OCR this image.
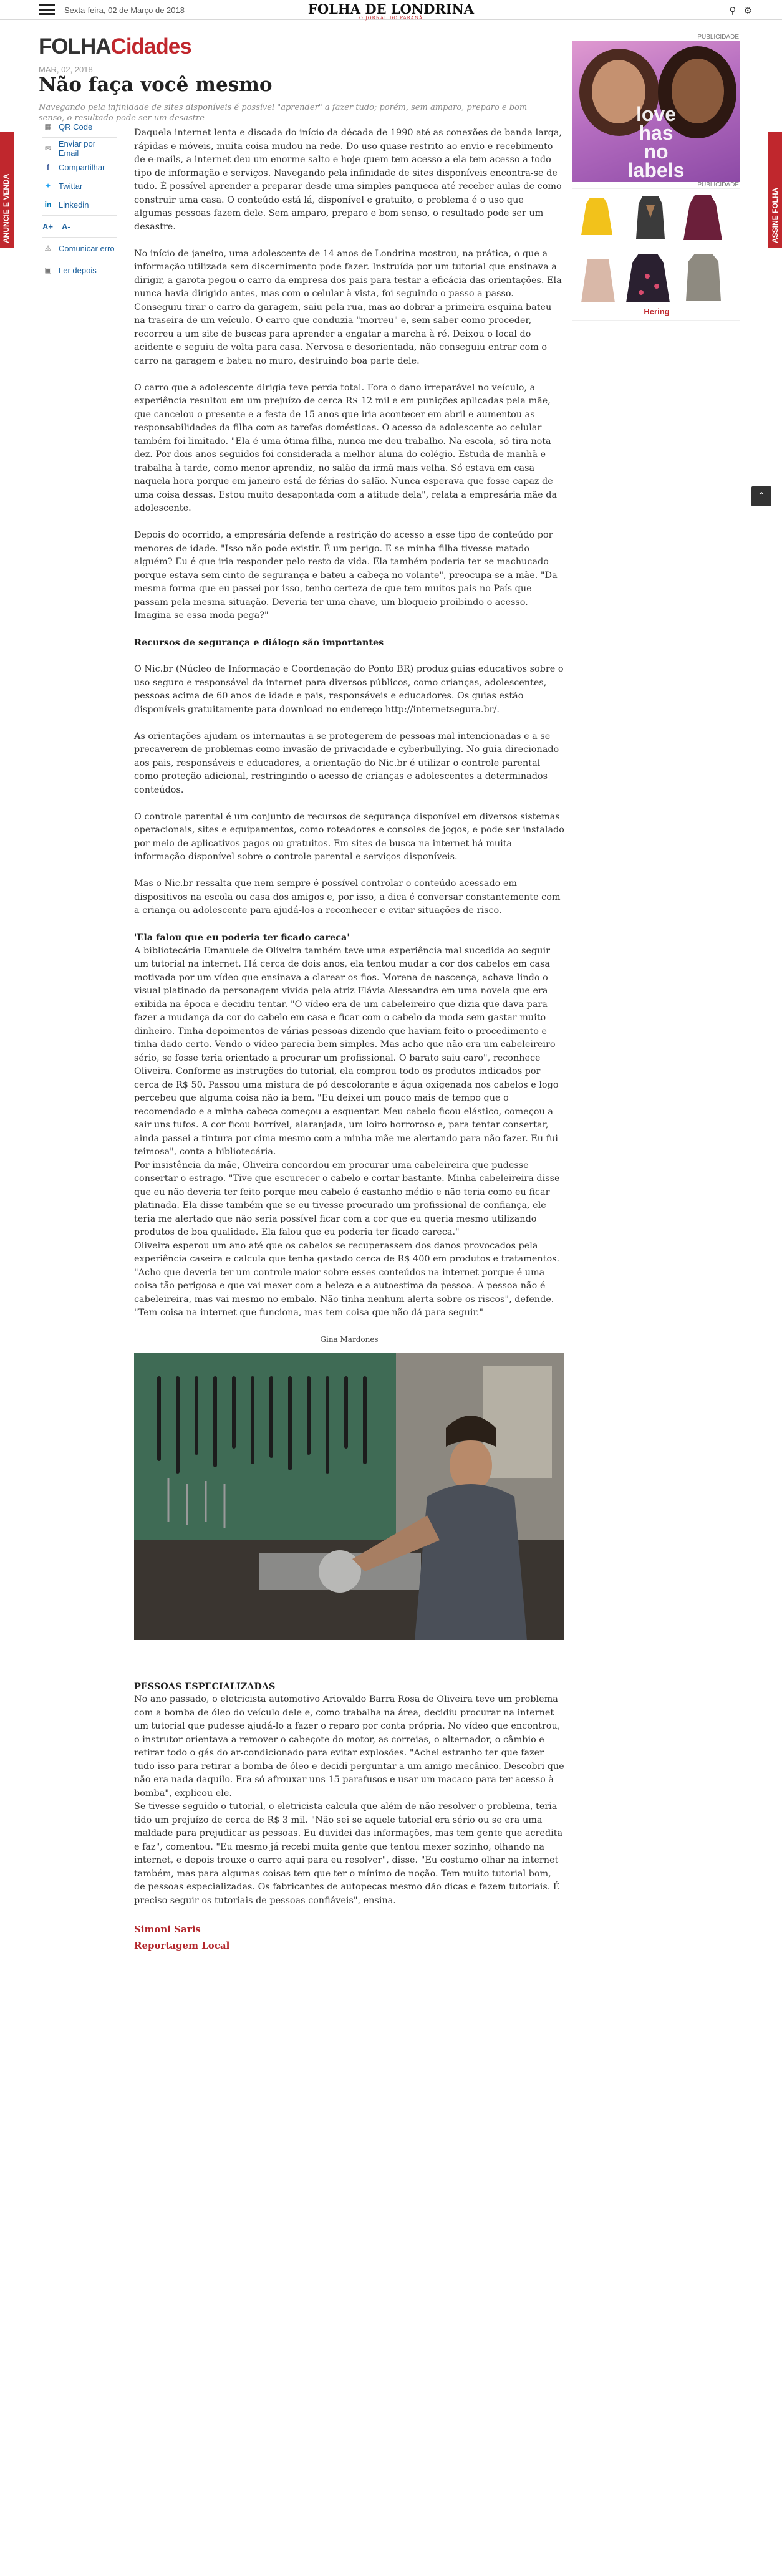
Sexta-feira, 02 de Março de 2018	FOLHA DE LONDRINA
O JORNAL DO PARANÁ
⚲ ⚙
ANUNCIE E VENDA	ASSINE FOLHA
FOLHACidades
MAR, 02, 2018
Não faça você mesmo
Navegando pela infinidade de sites disponíveis é possível "aprender" a fazer tudo; porém, sem amparo, preparo e bom senso, o resultado pode ser um desastre
▦ QR Code
✉ Enviar por Email
f	Compartilhar
✦ Twittar
in Linkedin
A+ A-
⚠ Comunicar erro
▣ Ler depois
PUBLICIDADE
love
has
no
labels
PUBLICIDADE
Hering
⌃

Daquela internet lenta e discada do início da década de 1990 até as conexões de banda larga, rápidas e móveis, muita coisa mudou na rede. Do uso quase restrito ao envio e recebimento de e-mails, a internet deu um enorme salto e hoje quem tem acesso a ela tem acesso a todo tipo de informação e serviços. Navegando pela infinidade de sites disponíveis encontra-se de tudo. É possível aprender a preparar desde uma simples panqueca até receber aulas de como construir uma casa. O conteúdo está lá, disponível e gratuito, o problema é o uso que algumas pessoas fazem dele. Sem amparo, preparo e bom senso, o resultado pode ser um desastre.

No início de janeiro, uma adolescente de 14 anos de Londrina mostrou, na prática, o que a informação utilizada sem discernimento pode fazer. Instruída por um tutorial que ensinava a dirigir, a garota pegou o carro da empresa dos pais para testar a eficácia das orientações. Ela nunca havia dirigido antes, mas com o celular à vista, foi seguindo o passo a passo. Conseguiu tirar o carro da garagem, saiu pela rua, mas ao dobrar a primeira esquina bateu na traseira de um veículo. O carro que conduzia "morreu" e, sem saber como proceder, recorreu a um site de buscas para aprender a engatar a marcha à ré. Deixou o local do acidente e seguiu de volta para casa. Nervosa e desorientada, não conseguiu entrar com o carro na garagem e bateu no muro, destruindo boa parte dele.

O carro que a adolescente dirigia teve perda total. Fora o dano irreparável no veículo, a experiência resultou em um prejuízo de cerca R$ 12 mil e em punições aplicadas pela mãe, que cancelou o presente e a festa de 15 anos que iria acontecer em abril e aumentou as responsabilidades da filha com as tarefas domésticas. O acesso da adolescente ao celular também foi limitado. "Ela é uma ótima filha, nunca me deu trabalho. Na escola, só tira nota dez. Por dois anos seguidos foi considerada a melhor aluna do colégio. Estuda de manhã e trabalha à tarde, como menor aprendiz, no salão da irmã mais velha. Só estava em casa naquela hora porque em janeiro está de férias do salão. Nunca esperava que fosse capaz de uma coisa dessas. Estou muito desapontada com a atitude dela", relata a empresária mãe da adolescente.

Depois do ocorrido, a empresária defende a restrição do acesso a esse tipo de conteúdo por menores de idade. "Isso não pode existir. É um perigo. E se minha filha tivesse matado alguém? Eu é que iria responder pelo resto da vida. Ela também poderia ter se machucado porque estava sem cinto de segurança e bateu a cabeça no volante", preocupa-se a mãe. "Da mesma forma que eu passei por isso, tenho certeza de que tem muitos pais no País que passam pela mesma situação. Deveria ter uma chave, um bloqueio proibindo o acesso. Imagina se essa moda pega?"

Recursos de segurança e diálogo são importantes

O Nic.br (Núcleo de Informação e Coordenação do Ponto BR) produz guias educativos sobre o uso seguro e responsável da internet para diversos públicos, como crianças, adolescentes, pessoas acima de 60 anos de idade e pais, responsáveis e educadores. Os guias estão disponíveis gratuitamente para download no endereço http://internetsegura.br/.

As orientações ajudam os internautas a se protegerem de pessoas mal intencionadas e a se precaverem de problemas como invasão de privacidade e cyberbullying. No guia direcionado aos pais, responsáveis e educadores, a orientação do Nic.br é utilizar o controle parental como proteção adicional, restringindo o acesso de crianças e adolescentes a determinados conteúdos.

O controle parental é um conjunto de recursos de segurança disponível em diversos sistemas operacionais, sites e equipamentos, como roteadores e consoles de jogos, e pode ser instalado por meio de aplicativos pagos ou gratuitos. Em sites de busca na internet há muita informação disponível sobre o controle parental e serviços disponíveis.

Mas o Nic.br ressalta que nem sempre é possível controlar o conteúdo acessado em dispositivos na escola ou casa dos amigos e, por isso, a dica é conversar constantemente com a criança ou adolescente para ajudá-los a reconhecer e evitar situações de risco.

'Ela falou que eu poderia ter ficado careca'

A bibliotecária Emanuele de Oliveira também teve uma experiência mal sucedida ao seguir um tutorial na internet. Há cerca de dois anos, ela tentou mudar a cor dos cabelos em casa motivada por um vídeo que ensinava a clarear os fios. Morena de nascença, achava lindo o visual platinado da personagem vivida pela atriz Flávia Alessandra em uma novela que era exibida na época e decidiu tentar. "O vídeo era de um cabeleireiro que dizia que dava para fazer a mudança da cor do cabelo em casa e ficar com o cabelo da moda sem gastar muito dinheiro. Tinha depoimentos de várias pessoas dizendo que haviam feito o procedimento e tinha dado certo. Vendo o vídeo parecia bem simples. Mas acho que não era um cabeleireiro sério, se fosse teria orientado a procurar um profissional. O barato saiu caro", reconhece Oliveira. Conforme as instruções do tutorial, ela comprou todo os produtos indicados por cerca de R$ 50. Passou uma mistura de pó descolorante e água oxigenada nos cabelos e logo percebeu que alguma coisa não ia bem. "Eu deixei um pouco mais de tempo que o recomendado e a minha cabeça começou a esquentar. Meu cabelo ficou elástico, começou a sair uns tufos. A cor ficou horrível, alaranjada, um loiro horroroso e, para tentar consertar, ainda passei a tintura por cima mesmo com a minha mãe me alertando para não fazer. Eu fui teimosa", conta a bibliotecária.

Por insistência da mãe, Oliveira concordou em procurar uma cabeleireira que pudesse consertar o estrago. "Tive que escurecer o cabelo e cortar bastante. Minha cabeleireira disse que eu não deveria ter feito porque meu cabelo é castanho médio e não teria como eu ficar platinada. Ela disse também que se eu tivesse procurado um profissional de confiança, ele teria me alertado que não seria possível ficar com a cor que eu queria mesmo utilizando produtos de boa qualidade. Ela falou que eu poderia ter ficado careca."

Oliveira esperou um ano até que os cabelos se recuperassem dos danos provocados pela experiência caseira e calcula que tenha gastado cerca de R$ 400 em produtos e tratamentos. "Acho que deveria ter um controle maior sobre esses conteúdos na internet porque é uma coisa tão perigosa e que vai mexer com a beleza e a autoestima da pessoa. A pessoa não é cabeleireira, mas vai mesmo no embalo. Não tinha nenhum alerta sobre os riscos", defende. "Tem coisa na internet que funciona, mas tem coisa que não dá para seguir."

Gina Mardones
PESSOAS ESPECIALIZADAS

No ano passado, o eletricista automotivo Ariovaldo Barra Rosa de Oliveira teve um problema com a bomba de óleo do veículo dele e, como trabalha na área, decidiu procurar na internet um tutorial que pudesse ajudá-lo a fazer o reparo por conta própria. No vídeo que encontrou, o instrutor orientava a remover o cabeçote do motor, as correias, o alternador, o câmbio e retirar todo o gás do ar-condicionado para evitar explosões. "Achei estranho ter que fazer tudo isso para retirar a bomba de óleo e decidi perguntar a um amigo mecânico. Descobri que não era nada daquilo. Era só afrouxar uns 15 parafusos e usar um macaco para ter acesso à bomba", explicou ele.

Se tivesse seguido o tutorial, o eletricista calcula que além de não resolver o problema, teria tido um prejuízo de cerca de R$ 3 mil. "Não sei se aquele tutorial era sério ou se era uma maldade para prejudicar as pessoas. Eu duvidei das informações, mas tem gente que acredita e faz", comentou. "Eu mesmo já recebi muita gente que tentou mexer sozinho, olhando na internet, e depois trouxe o carro aqui para eu resolver", disse. "Eu costumo olhar na internet também, mas para algumas coisas tem que ter o mínimo de noção. Tem muito tutorial bom, de pessoas especializadas. Os fabricantes de autopeças mesmo dão dicas e fazem tutoriais. É preciso seguir os tutoriais de pessoas confiáveis", ensina.

Simoni Saris
Reportagem Local
